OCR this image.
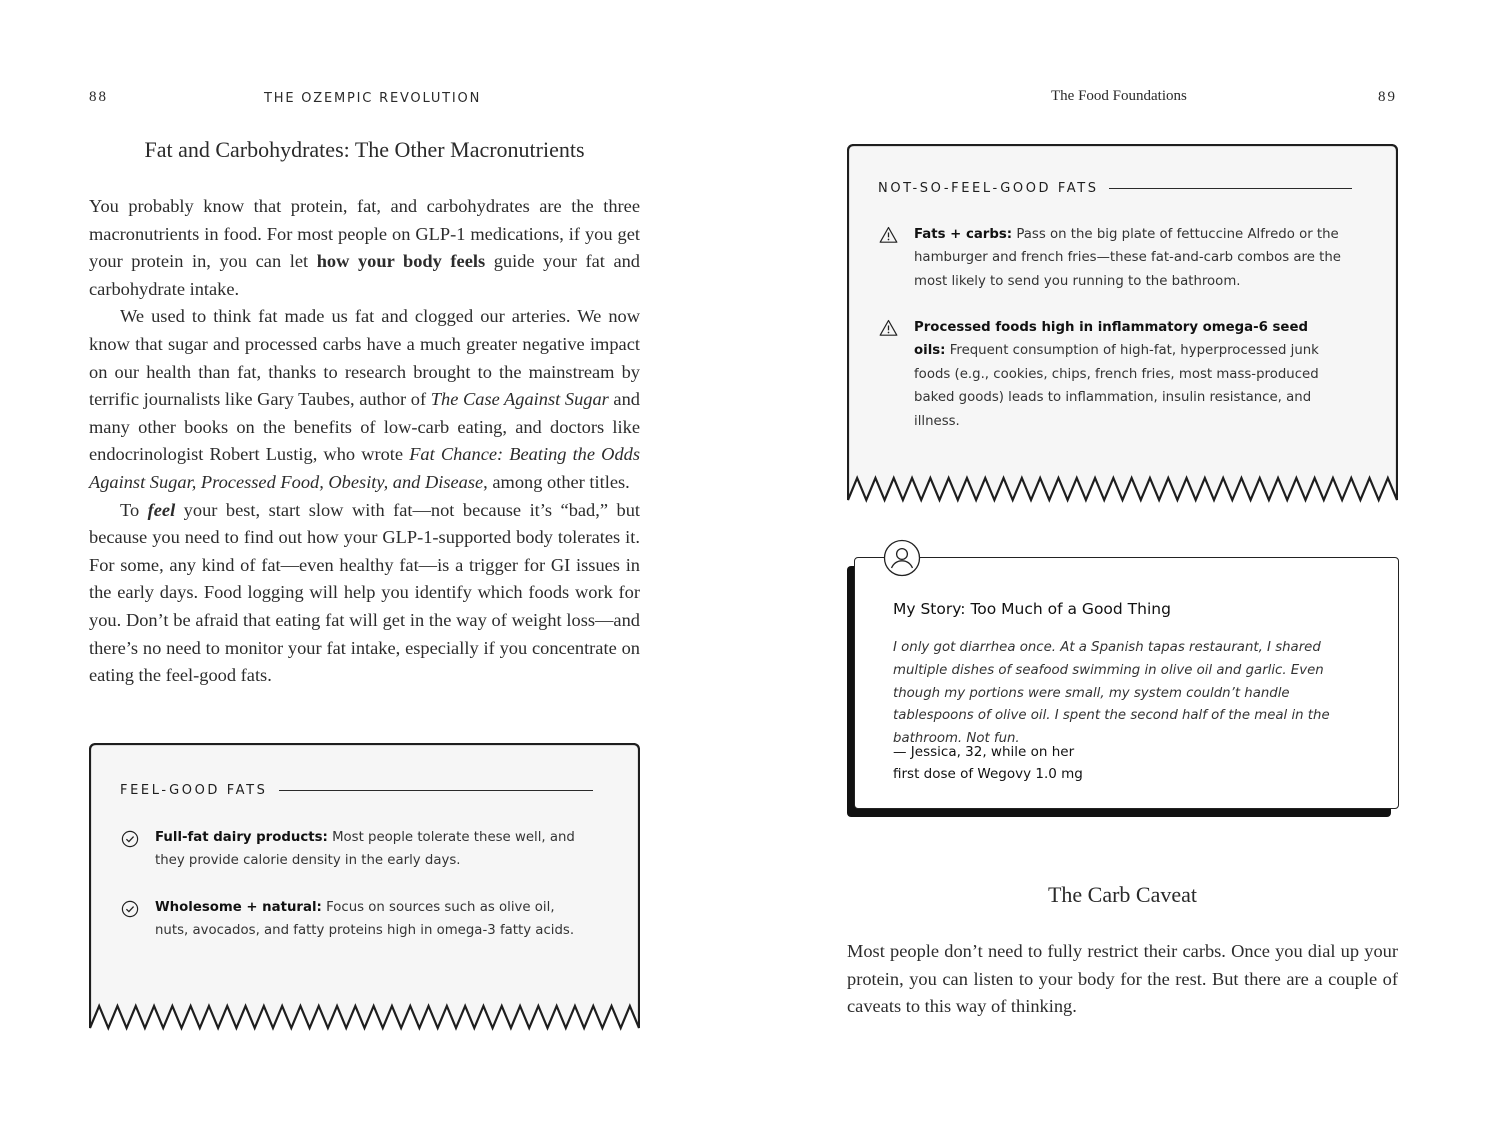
88	THE OZEMPIC REVOLUTION
Fat and Carbohydrates: The Other Macronutrients

You probably know that protein, fat, and carbohydrates are the three macronutrients in food. For most people on GLP-1 medications, if you get your protein in, you can let how your body feels guide your fat and carbohydrate intake.

We used to think fat made us fat and clogged our arteries. We now know that sugar and processed carbs have a much greater negative impact on our health than fat, thanks to research brought to the mainstream by terrific journalists like Gary Taubes, author of The Case Against Sugar and many other books on the benefits of low-carb eating, and doctors like endocrinologist Robert Lustig, who wrote Fat Chance: Beating the Odds Against Sugar, Processed Food, Obesity, and Disease, among other titles.

To feel your best, start slow with fat—not because it’s “bad,” but because you need to find out how your GLP-1-supported body tolerates it. For some, any kind of fat—even healthy fat—is a trigger for GI issues in the early days. Food logging will help you identify which foods work for you. Don’t be afraid that eating fat will get in the way of weight loss—and there’s no need to monitor your fat intake, especially if you concentrate on eating the feel-good fats.

FEEL-GOOD FATS
Full-fat dairy products: Most people tolerate these well, and they provide calorie density in the early days.
Wholesome + natural: Focus on sources such as olive oil, nuts, avocados, and fatty proteins high in omega-3 fatty acids.
The Food Foundations	89
NOT-SO-FEEL-GOOD FATS
Fats + carbs: Pass on the big plate of fettuccine Alfredo or the hamburger and french fries—these fat-and-carb combos are the most likely to send you running to the bathroom.
Processed foods high in inflammatory omega-6 seed oils: Frequent consumption of high-fat, hyperprocessed junk foods (e.g., cookies, chips, french fries, most mass-produced baked goods) leads to inflammation, insulin resistance, and illness.
My Story: Too Much of a Good Thing
I only got diarrhea once. At a Spanish tapas restaurant, I shared multiple dishes of seafood swimming in olive oil and garlic. Even though my portions were small, my system couldn’t handle tablespoons of olive oil. I spent the second half of the meal in the bathroom. Not fun.
— Jessica, 32, while on her
first dose of Wegovy 1.0 mg
The Carb Caveat

Most people don’t need to fully restrict their carbs. Once you dial up your protein, you can listen to your body for the rest. But there are a couple of caveats to this way of thinking.
